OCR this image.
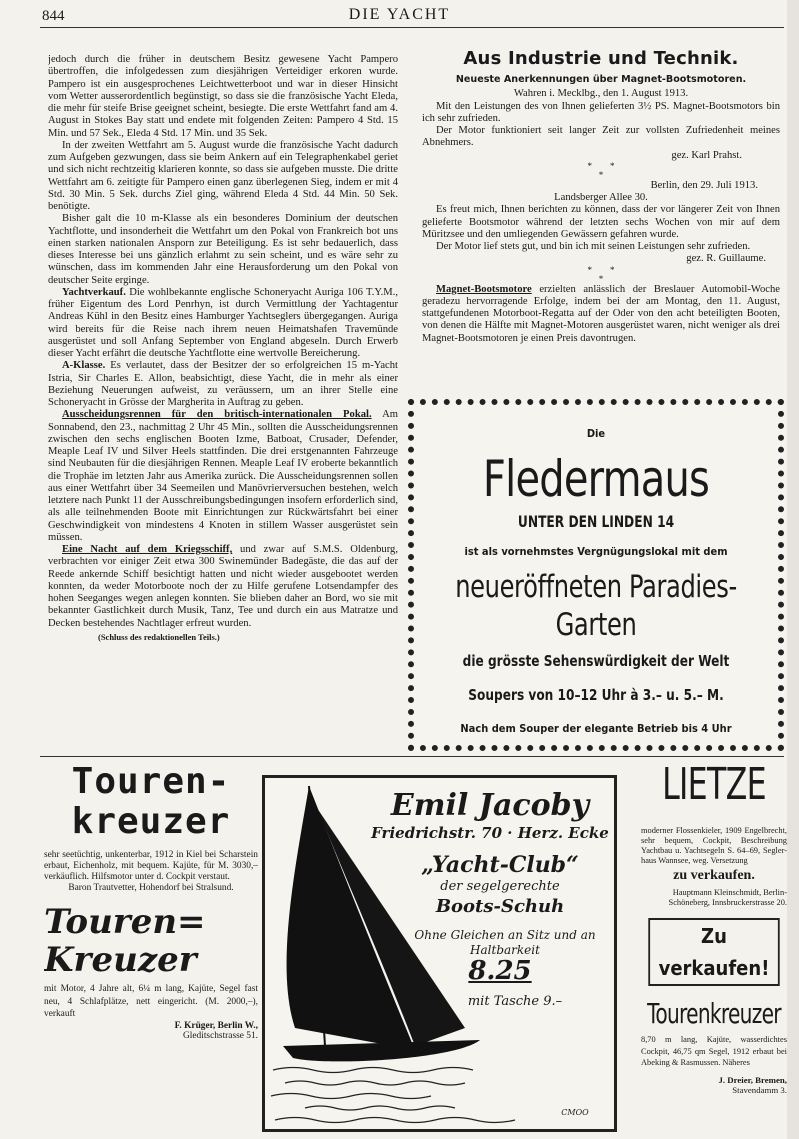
844	DIE YACHT

jedoch durch die früher in deutschem Besitz gewesene Yacht Pampero übertroffen, die infolgedessen zum diesjährigen Verteidiger erkoren wurde. Pampero ist ein ausgesprochenes Leichtwetterboot und war in dieser Hinsicht vom Wetter ausserordentlich begünstigt, so dass sie die französische Yacht Eleda, die mehr für steife Brise geeignet scheint, besiegte. Die erste Wettfahrt fand am 4. August in Stokes Bay statt und endete mit folgenden Zeiten: Pampero 4 Std. 15 Min. und 57 Sek., Eleda 4 Std. 17 Min. und 35 Sek.

In der zweiten Wettfahrt am 5. August wurde die französische Yacht dadurch zum Aufgeben gezwungen, dass sie beim Ankern auf ein Telegraphenkabel geriet und sich nicht rechtzeitig klarieren konnte, so dass sie aufgeben musste. Die dritte Wettfahrt am 6. zeitigte für Pampero einen ganz überlegenen Sieg, indem er mit 4 Std. 30 Min. 5 Sek. durchs Ziel ging, während Eleda 4 Std. 44 Min. 50 Sek. benötigte.

Bisher galt die 10 m-Klasse als ein besonderes Dominium der deutschen Yachtflotte, und insonderheit die Wettfahrt um den Pokal von Frankreich bot uns einen starken nationalen Ansporn zur Beteiligung. Es ist sehr bedauerlich, dass dieses Interesse bei uns gänzlich erlahmt zu sein scheint, und es wäre sehr zu wünschen, dass im kommenden Jahr eine Herausforderung um den Pokal von deutscher Seite erginge.

Yachtverkauf. Die wohlbekannte englische Schoneryacht Auriga 106 T.Y.M., früher Eigentum des Lord Penrhyn, ist durch Vermittlung der Yachtagentur Andreas Kühl in den Besitz eines Hamburger Yachtseglers übergegangen. Auriga wird bereits für die Reise nach ihrem neuen Heimatshafen Travemünde ausgerüstet und soll Anfang September von England abgeseln. Durch Erwerb dieser Yacht erfährt die deutsche Yachtflotte eine wertvolle Bereicherung.

A-Klasse. Es verlautet, dass der Besitzer der so erfolgreichen 15 m-Yacht Istria, Sir Charles E. Allon, beabsichtigt, diese Yacht, die in mehr als einer Beziehung Neuerungen aufweist, zu veräussern, um an ihrer Stelle eine Schoneryacht in Grösse der Margherita in Auftrag zu geben.

Ausscheidungsrennen für den britisch-internationalen Pokal. Am Sonnabend, den 23., nachmittag 2 Uhr 45 Min., sollten die Ausscheidungsrennen zwischen den sechs englischen Booten Izme, Batboat, Crusader, Defender, Meaple Leaf IV und Silver Heels stattfinden. Die drei erstgenannten Fahrzeuge sind Neubauten für die diesjährigen Rennen. Meaple Leaf IV eroberte bekanntlich die Trophäe im letzten Jahr aus Amerika zurück. Die Ausscheidungsrennen sollen aus einer Wettfahrt über 34 Seemeilen und Manövrierversuchen bestehen, welch letztere nach Punkt 11 der Ausschreibungsbedingungen insofern erforderlich sind, als alle teilnehmenden Boote mit Einrichtungen zur Rückwärtsfahrt bei einer Geschwindigkeit von mindestens 4 Knoten in stillem Wasser ausgerüstet sein müssen.

Eine Nacht auf dem Kriegsschiff, und zwar auf S.M.S. Oldenburg, verbrachten vor einiger Zeit etwa 300 Swinemünder Badegäste, die das auf der Reede ankernde Schiff besichtigt hatten und nicht wieder ausgebootet werden konnten, da weder Motorboote noch der zu Hilfe gerufene Lotsendampfer des hohen Seeganges wegen anlegen konnten. Sie blieben daher an Bord, wo sie mit bekannter Gastlichkeit durch Musik, Tanz, Tee und durch ein aus Matratze und Decken bestehendes Nachtlager erfreut wurden.

(Schluss des redaktionellen Teils.)
Aus Industrie und Technik.

Neueste Anerkennungen über Magnet-Bootsmotoren.

Wahren i. Mecklbg., den 1. August 1913.

Mit den Leistungen des von Ihnen gelieferten 3½ PS. Magnet-Bootsmotors bin ich sehr zufrieden.

Der Motor funktioniert seit langer Zeit zur vollsten Zufriedenheit meines Abnehmers.

gez. Karl Prahst.

*        *
*

Berlin, den 29. Juli 1913.

Landsberger Allee 30.

Es freut mich, Ihnen berichten zu können, dass der vor längerer Zeit von Ihnen gelieferte Bootsmotor während der letzten sechs Wochen von mir auf dem Müritzsee und den umliegenden Gewässern gefahren wurde.

Der Motor lief stets gut, und bin ich mit seinen Leistungen sehr zufrieden.

gez. R. Guillaume.

*        *
*

Magnet-Bootsmotore erzielten anlässlich der Breslauer Automobil-Woche geradezu hervorragende Erfolge, indem bei der am Montag, den 11. August, stattgefundenen Motorboot-Regatta auf der Oder von den acht beteiligten Booten, von denen die Hälfte mit Magnet-Motoren ausgerüstet waren, nicht weniger als drei Magnet-Bootsmotoren je einen Preis davontrugen.

Die
Fledermaus
UNTER DEN LINDEN 14
ist als vornehmstes Vergnügungslokal mit dem
neueröffneten Paradies-Garten
die grösste Sehenswürdigkeit der Welt
Soupers von 10–12 Uhr à 3.– u. 5.– M.
Nach dem Souper der elegante Betrieb bis 4 Uhr
Touren-
kreuzer

sehr seetüchtig, unkenterbar, 1912 in Kiel bei Scharstein erbaut, Eichenholz, mit bequem. Kajüte, für M. 3030,– verkäuflich. Hilfsmotor unter d. Cockpit verstaut.

Baron Trautvetter, Hohendorf bei Stralsund.

Touren=
Kreuzer

mit Motor, 4 Jahre alt, 6¼ m lang, Kajüte, Segel fast neu, 4 Schlafplätze, nett eingericht. (M. 2000,–), verkauft

F. Krüger, Berlin W.,

Gleditschstrasse 51.

Emil Jacoby
Friedrichstr. 70 · Herz. Ecke
„Yacht-Club“
der segelgerechte
Boots-Schuh
Ohne Gleichen an Sitz und an Haltbarkeit
8.25
mit Tasche 9.–
CMOO
LIETZE

moderner Flossenkieler, 1909 Engelbrecht, sehr bequem, Cockpit, Beschreibung Yachtbau u. Yachtsegeln S. 64–69, Segler-haus Wannsee, weg. Versetzung

zu verkaufen.

Hauptmann Kleinschmidt, Berlin-Schöneberg, Innsbruckerstrasse 20.

Zu verkaufen!
Tourenkreuzer

8,70 m lang, Kajüte, wasserdichtes Cockpit, 46,75 qm Segel, 1912 erbaut bei Abeking & Rasmussen. Näheres

J. Dreier, Bremen,

Stavendamm 3.
